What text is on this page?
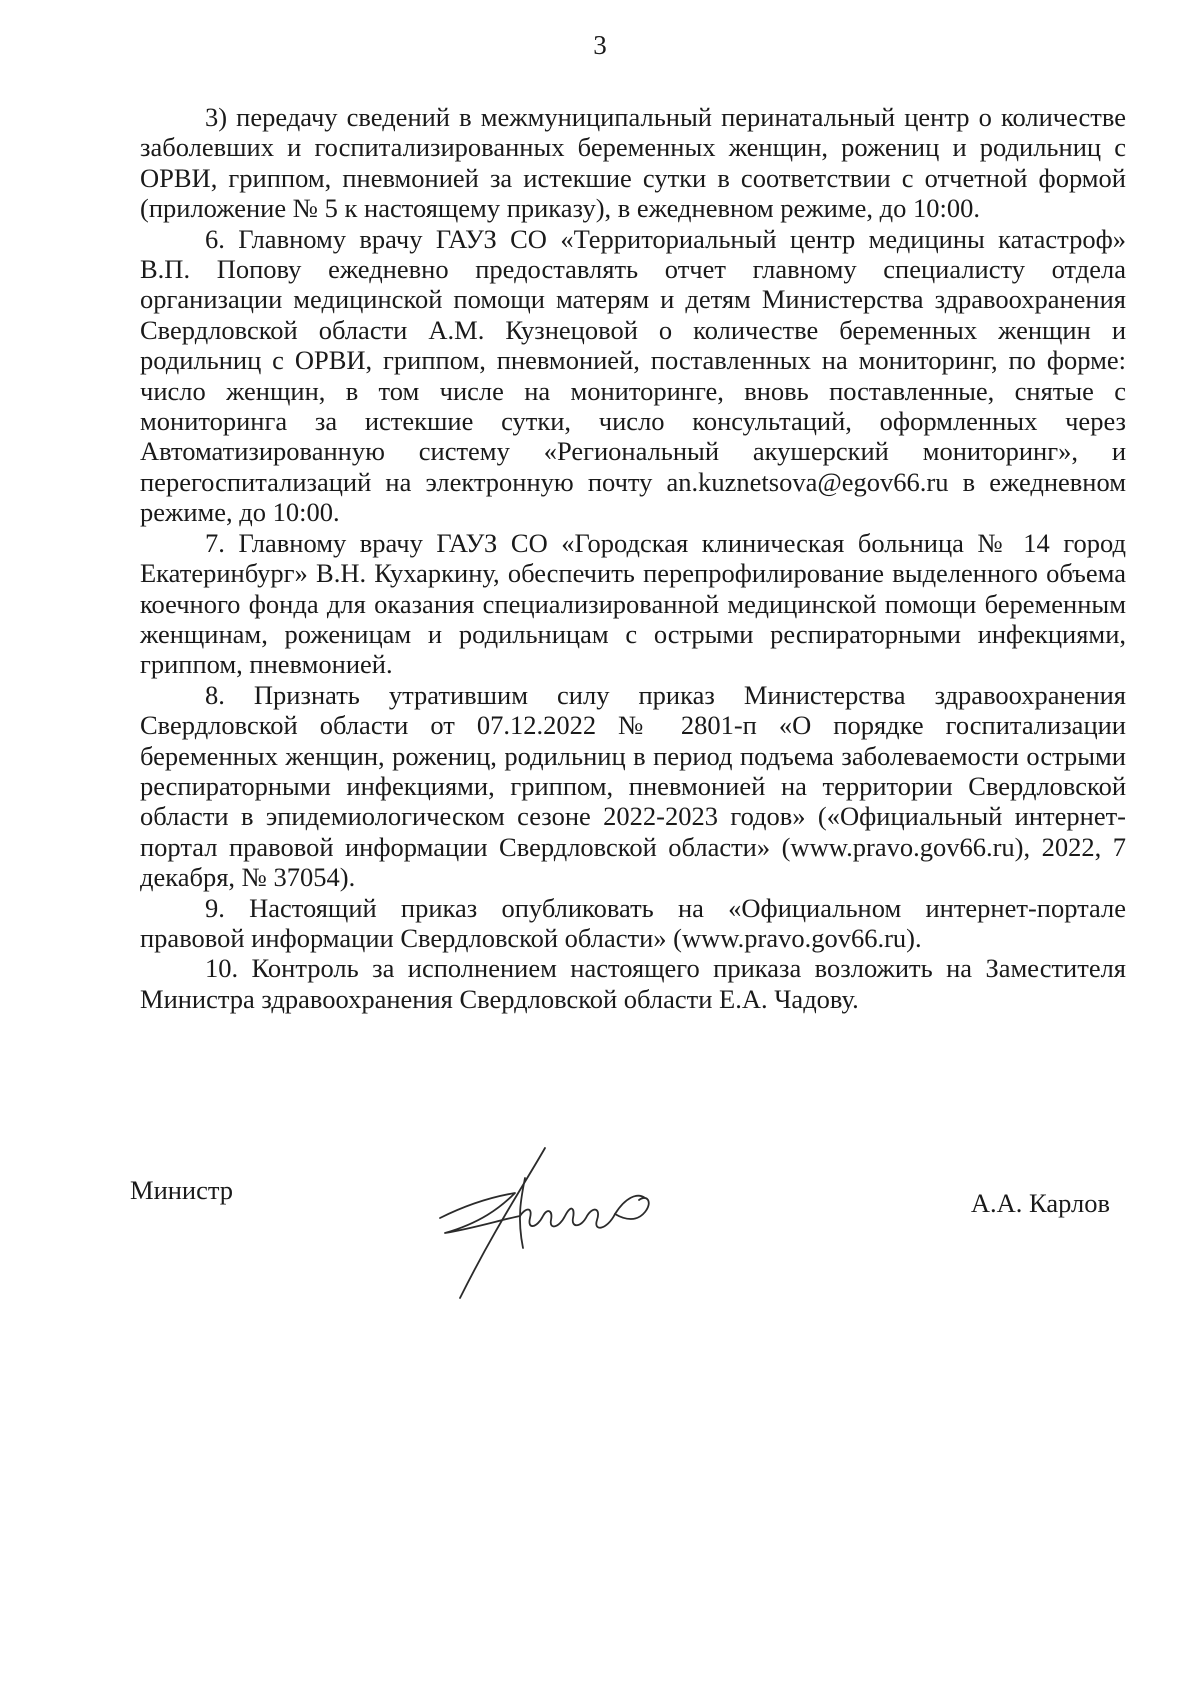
3

3) передачу сведений в межмуниципальный перинатальный центр о количестве заболевших и госпитализированных беременных женщин, рожениц и родильниц с ОРВИ, гриппом, пневмонией за истекшие сутки в соответствии с отчетной формой (приложение № 5 к настоящему приказу), в ежедневном режиме, до 10:00.

6. Главному врачу ГАУЗ СО «Территориальный центр медицины катастроф» В.П. Попову ежедневно предоставлять отчет главному специалисту отдела организации медицинской помощи матерям и детям Министерства здравоохранения Свердловской области А.М. Кузнецовой о количестве беременных женщин и родильниц с ОРВИ, гриппом, пневмонией, поставленных на мониторинг, по форме: число женщин, в том числе на мониторинге, вновь поставленные, снятые с мониторинга за истекшие сутки, число консультаций, оформленных через Автоматизированную систему «Региональный акушерский мониторинг», и перегоспитализаций на электронную почту an.kuznetsova@egov66.ru в ежедневном режиме, до 10:00.

7. Главному врачу ГАУЗ СО «Городская клиническая больница № 14 город Екатеринбург» В.Н. Кухаркину, обеспечить перепрофилирование выделенного объема коечного фонда для оказания специализированной медицинской помощи беременным женщинам, роженицам и родильницам с острыми респираторными инфекциями, гриппом, пневмонией.

8. Признать утратившим силу приказ Министерства здравоохранения Свердловской области от 07.12.2022 № 2801-п «О порядке госпитализации беременных женщин, рожениц, родильниц в период подъема заболеваемости острыми респираторными инфекциями, гриппом, пневмонией на территории Свердловской области в эпидемиологическом сезоне 2022-2023 годов» («Официальный интернет-портал правовой информации Свердловской области» (www.pravo.gov66.ru), 2022, 7 декабря, № 37054).

9. Настоящий приказ опубликовать на «Официальном интернет-портале правовой информации Свердловской области» (www.pravo.gov66.ru).

10. Контроль за исполнением настоящего приказа возложить на Заместителя Министра здравоохранения Свердловской области Е.А. Чадову.

Министр	А.А. Карлов
